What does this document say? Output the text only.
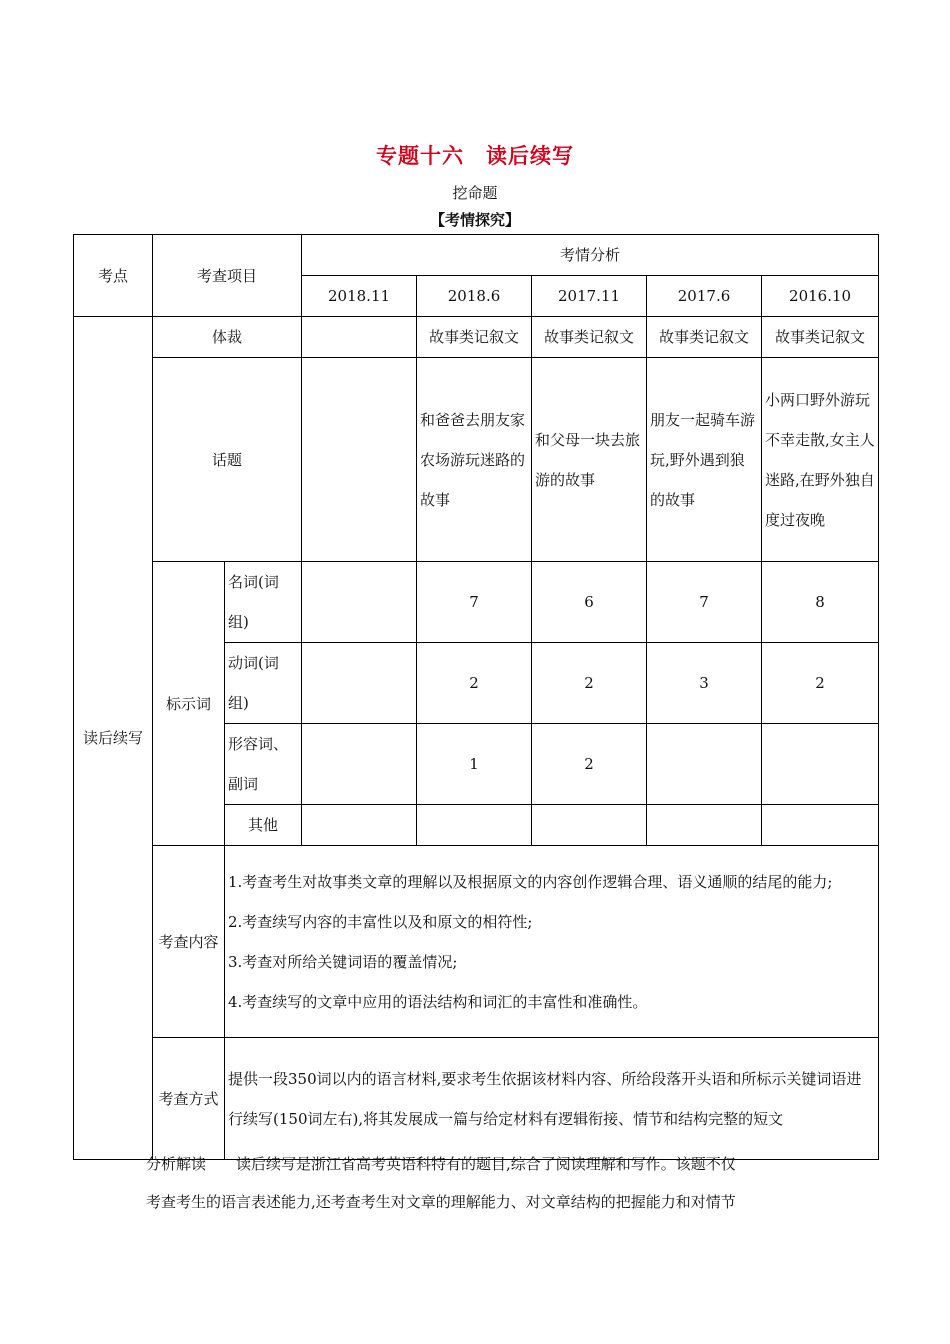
专题十六　读后续写
挖命题
【考情探究】
考点	考查项目		考情分析				
			2018.11	2018.6	2017.11	2017.6	2016.10
读后续写	体裁			故事类记叙文	故事类记叙文	故事类记叙文	故事类记叙文
	话题			和爸爸去朋友家农场游玩迷路的故事	和父母一块去旅游的故事	朋友一起骑车游玩,野外遇到狼的故事	小两口野外游玩不幸走散,女主人迷路,在野外独自度过夜晚
	标示词	名词(词组)		7	6	7	8
		动词(词组)		2	2	3	2
		形容词、副词		1	2		
		其他					
	考查内容	1.考查考生对故事类文章的理解以及根据原文的内容创作逻辑合理、语义通顺的结尾的能力;
2.考查续写内容的丰富性以及和原文的相符性;
3.考查对所给关键词语的覆盖情况;
4.考查续写的文章中应用的语法结构和词汇的丰富性和准确性。					

	考查方式	提供一段350词以内的语言材料,要求考生依据该材料内容、所给段落开头语和所标示关键词语进行续写(150词左右),将其发展成一篇与给定材料有逻辑衔接、情节和结构完整的短文					
分析解读　　读后续写是浙江省高考英语科特有的题目,综合了阅读理解和写作。该题不仅
考查考生的语言表述能力,还考查考生对文章的理解能力、对文章结构的把握能力和对情节
